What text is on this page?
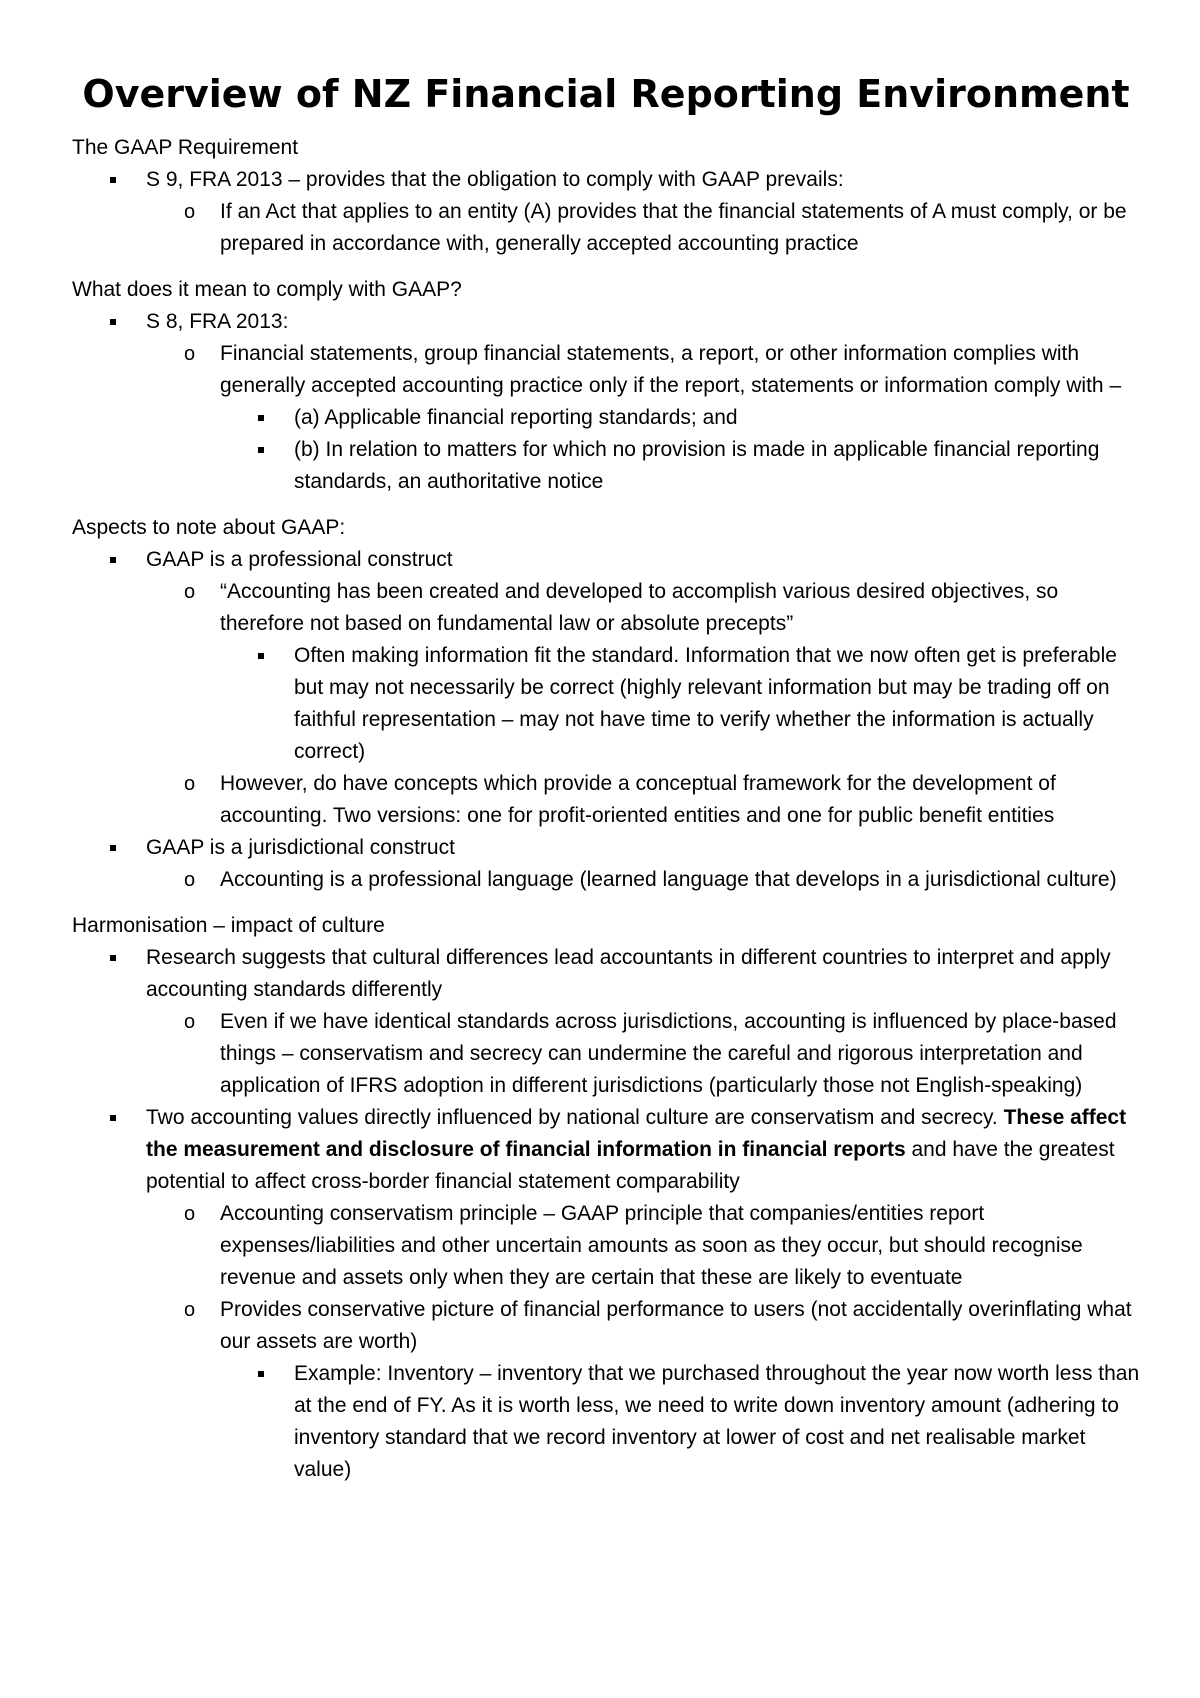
Overview of NZ Financial Reporting Environment
The GAAP Requirement
S 9, FRA 2013 – provides that the obligation to comply with GAAP prevails:
o	If an Act that applies to an entity (A) provides that the financial statements of A must comply, or be prepared in accordance with, generally accepted accounting practice
What does it mean to comply with GAAP?
S 8, FRA 2013:
o	Financial statements, group financial statements, a report, or other information complies with generally accepted accounting practice only if the report, statements or information comply with –
(a) Applicable financial reporting standards; and
(b) In relation to matters for which no provision is made in applicable financial reporting standards, an authoritative notice
Aspects to note about GAAP:
GAAP is a professional construct
o	“Accounting has been created and developed to accomplish various desired objectives, so therefore not based on fundamental law or absolute precepts”
Often making information fit the standard. Information that we now often get is preferable but may not necessarily be correct (highly relevant information but may be trading off on faithful representation – may not have time to verify whether the information is actually correct)
o	However, do have concepts which provide a conceptual framework for the development of accounting. Two versions: one for profit-oriented entities and one for public benefit entities
GAAP is a jurisdictional construct
o	Accounting is a professional language (learned language that develops in a jurisdictional culture)
Harmonisation – impact of culture
Research suggests that cultural differences lead accountants in different countries to interpret and apply accounting standards differently
o	Even if we have identical standards across jurisdictions, accounting is influenced by place-based things – conservatism and secrecy can undermine the careful and rigorous interpretation and application of IFRS adoption in different jurisdictions (particularly those not English-speaking)
Two accounting values directly influenced by national culture are conservatism and secrecy. These affect the measurement and disclosure of financial information in financial reports and have the greatest potential to affect cross-border financial statement comparability
o	Accounting conservatism principle – GAAP principle that companies/entities report expenses/liabilities and other uncertain amounts as soon as they occur, but should recognise revenue and assets only when they are certain that these are likely to eventuate
o	Provides conservative picture of financial performance to users (not accidentally overinflating what our assets are worth)
Example: Inventory – inventory that we purchased throughout the year now worth less than at the end of FY. As it is worth less, we need to write down inventory amount (adhering to inventory standard that we record inventory at lower of cost and net realisable market value)
